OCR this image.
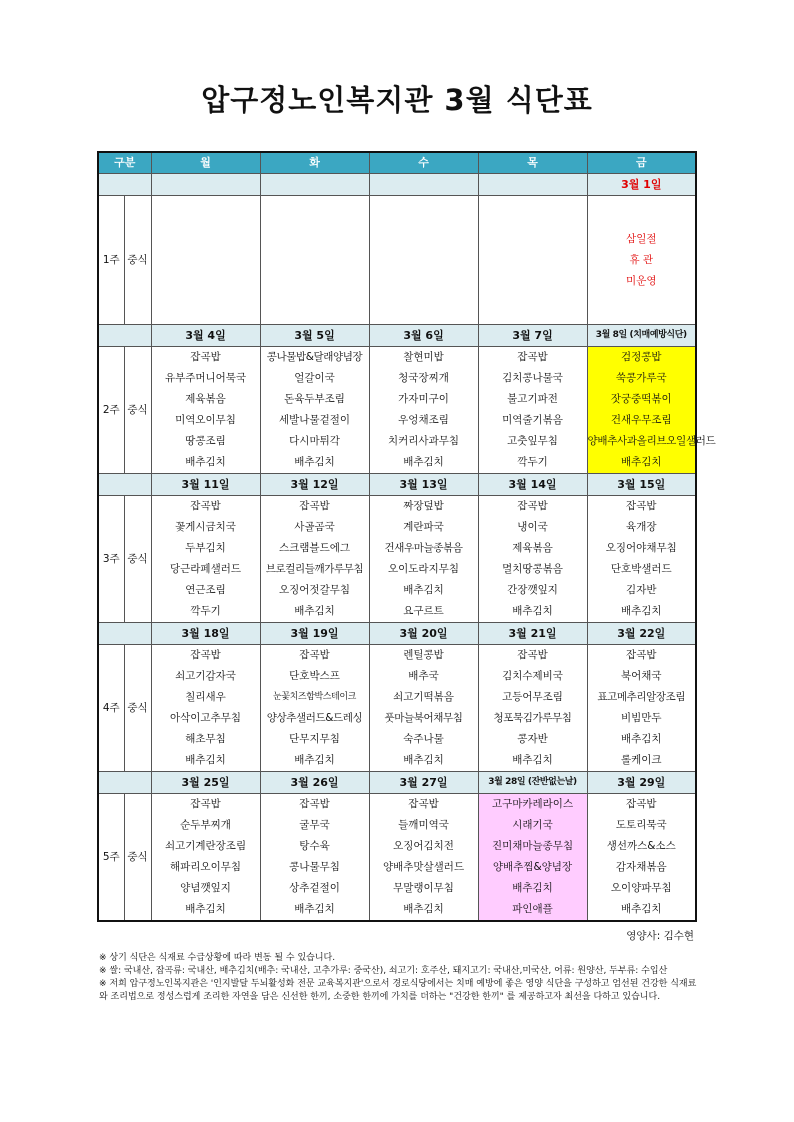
압구정노인복지관 3월 식단표
구분		월	화	수	목	금
						3월 1일
1주	중식					삼일절
휴 관
미운영

		3월 4일	3월 5일	3월 6일	3월 7일	3월 8일 (치매예방식단)
2주	중식	잡곡밥	콩나물밥&달래양념장	찰현미밥	잡곡밥	검정콩밥
		유부주머니어묵국	얼갈이국	청국장찌개	김치콩나물국	쑥콩가루국
		제육볶음	돈육두부조림	가자미구이	불고기파전	잣궁중떡볶이
		미역오이무침	세발나물겉절이	우엉채조림	미역줄기볶음	건새우무조림
		땅콩조림	다시마튀각	치커리사과무침	고춧잎무침	양배추사과올리브오일샐러드
		배추김치	배추김치	배추김치	깍두기	배추김치
		3월 11일	3월 12일	3월 13일	3월 14일	3월 15일
3주	중식	잡곡밥	잡곡밥	짜장덮밥	잡곡밥	잡곡밥
		꽃게시금치국	사골곰국	계란파국	냉이국	육개장
		두부김치	스크램블드에그	건새우마늘종볶음	제육볶음	오징어야채무침
		당근라페샐러드	브로컬리들깨가루무침	오이도라지무침	멸치땅콩볶음	단호박샐러드
		연근조림	오징어젓갈무침	배추김치	간장깻잎지	김자반
		깍두기	배추김치	요구르트	배추김치	배추김치
		3월 18일	3월 19일	3월 20일	3월 21일	3월 22일
4주	중식	잡곡밥	잡곡밥	렌틸콩밥	잡곡밥	잡곡밥
		쇠고기감자국	단호박스프	배추국	김치수제비국	북어채국
		칠리새우	눈꽃치즈함박스테이크	쇠고기떡볶음	고등어무조림	표고메추리알장조림
		아삭이고추무침	양상추샐러드&드레싱	풋마늘북어채무침	청포묵김가루무침	비빔만두
		해초무침	단무지무침	숙주나물	콩자반	배추김치
		배추김치	배추김치	배추김치	배추김치	롤케이크
		3월 25일	3월 26일	3월 27일	3월 28일 (잔반없는날)	3월 29일
5주	중식	잡곡밥	잡곡밥	잡곡밥	고구마카레라이스	잡곡밥
		순두부찌개	굴무국	들깨미역국	시래기국	도토리묵국
		쇠고기계란장조림	탕수육	오징어김치전	진미채마늘종무침	생선까스&소스
		해파리오이무침	콩나물무침	양배추맛살샐러드	양배추찜&양념장	감자채볶음
		양념깻잎지	상추겉절이	무말랭이무침	배추김치	오이양파무침
		배추김치	배추김치	배추김치	파인애플	배추김치
영양사: 김수현

※ 상기 식단은 식재료 수급상황에 따라 변동 될 수 있습니다.

※ 쌀: 국내산, 잡곡류: 국내산, 배추김치(배추: 국내산, 고추가루: 중국산), 쇠고기: 호주산, 돼지고기: 국내산,미국산, 어류: 원양산, 두부류: 수입산

※ 저희 압구정노인복지관은 '인지발달 두뇌활성화 전문 교육복지관'으로서 경로식당에서는 치매 예방에 좋은 영양 식단을 구성하고 엄선된 건강한 식재료와 조리법으로 정성스럽게 조리한 자연을 담은 신선한 한끼, 소중한 한끼에 가치를 더하는 "건강한 한끼" 를 제공하고자 최선을 다하고 있습니다.
